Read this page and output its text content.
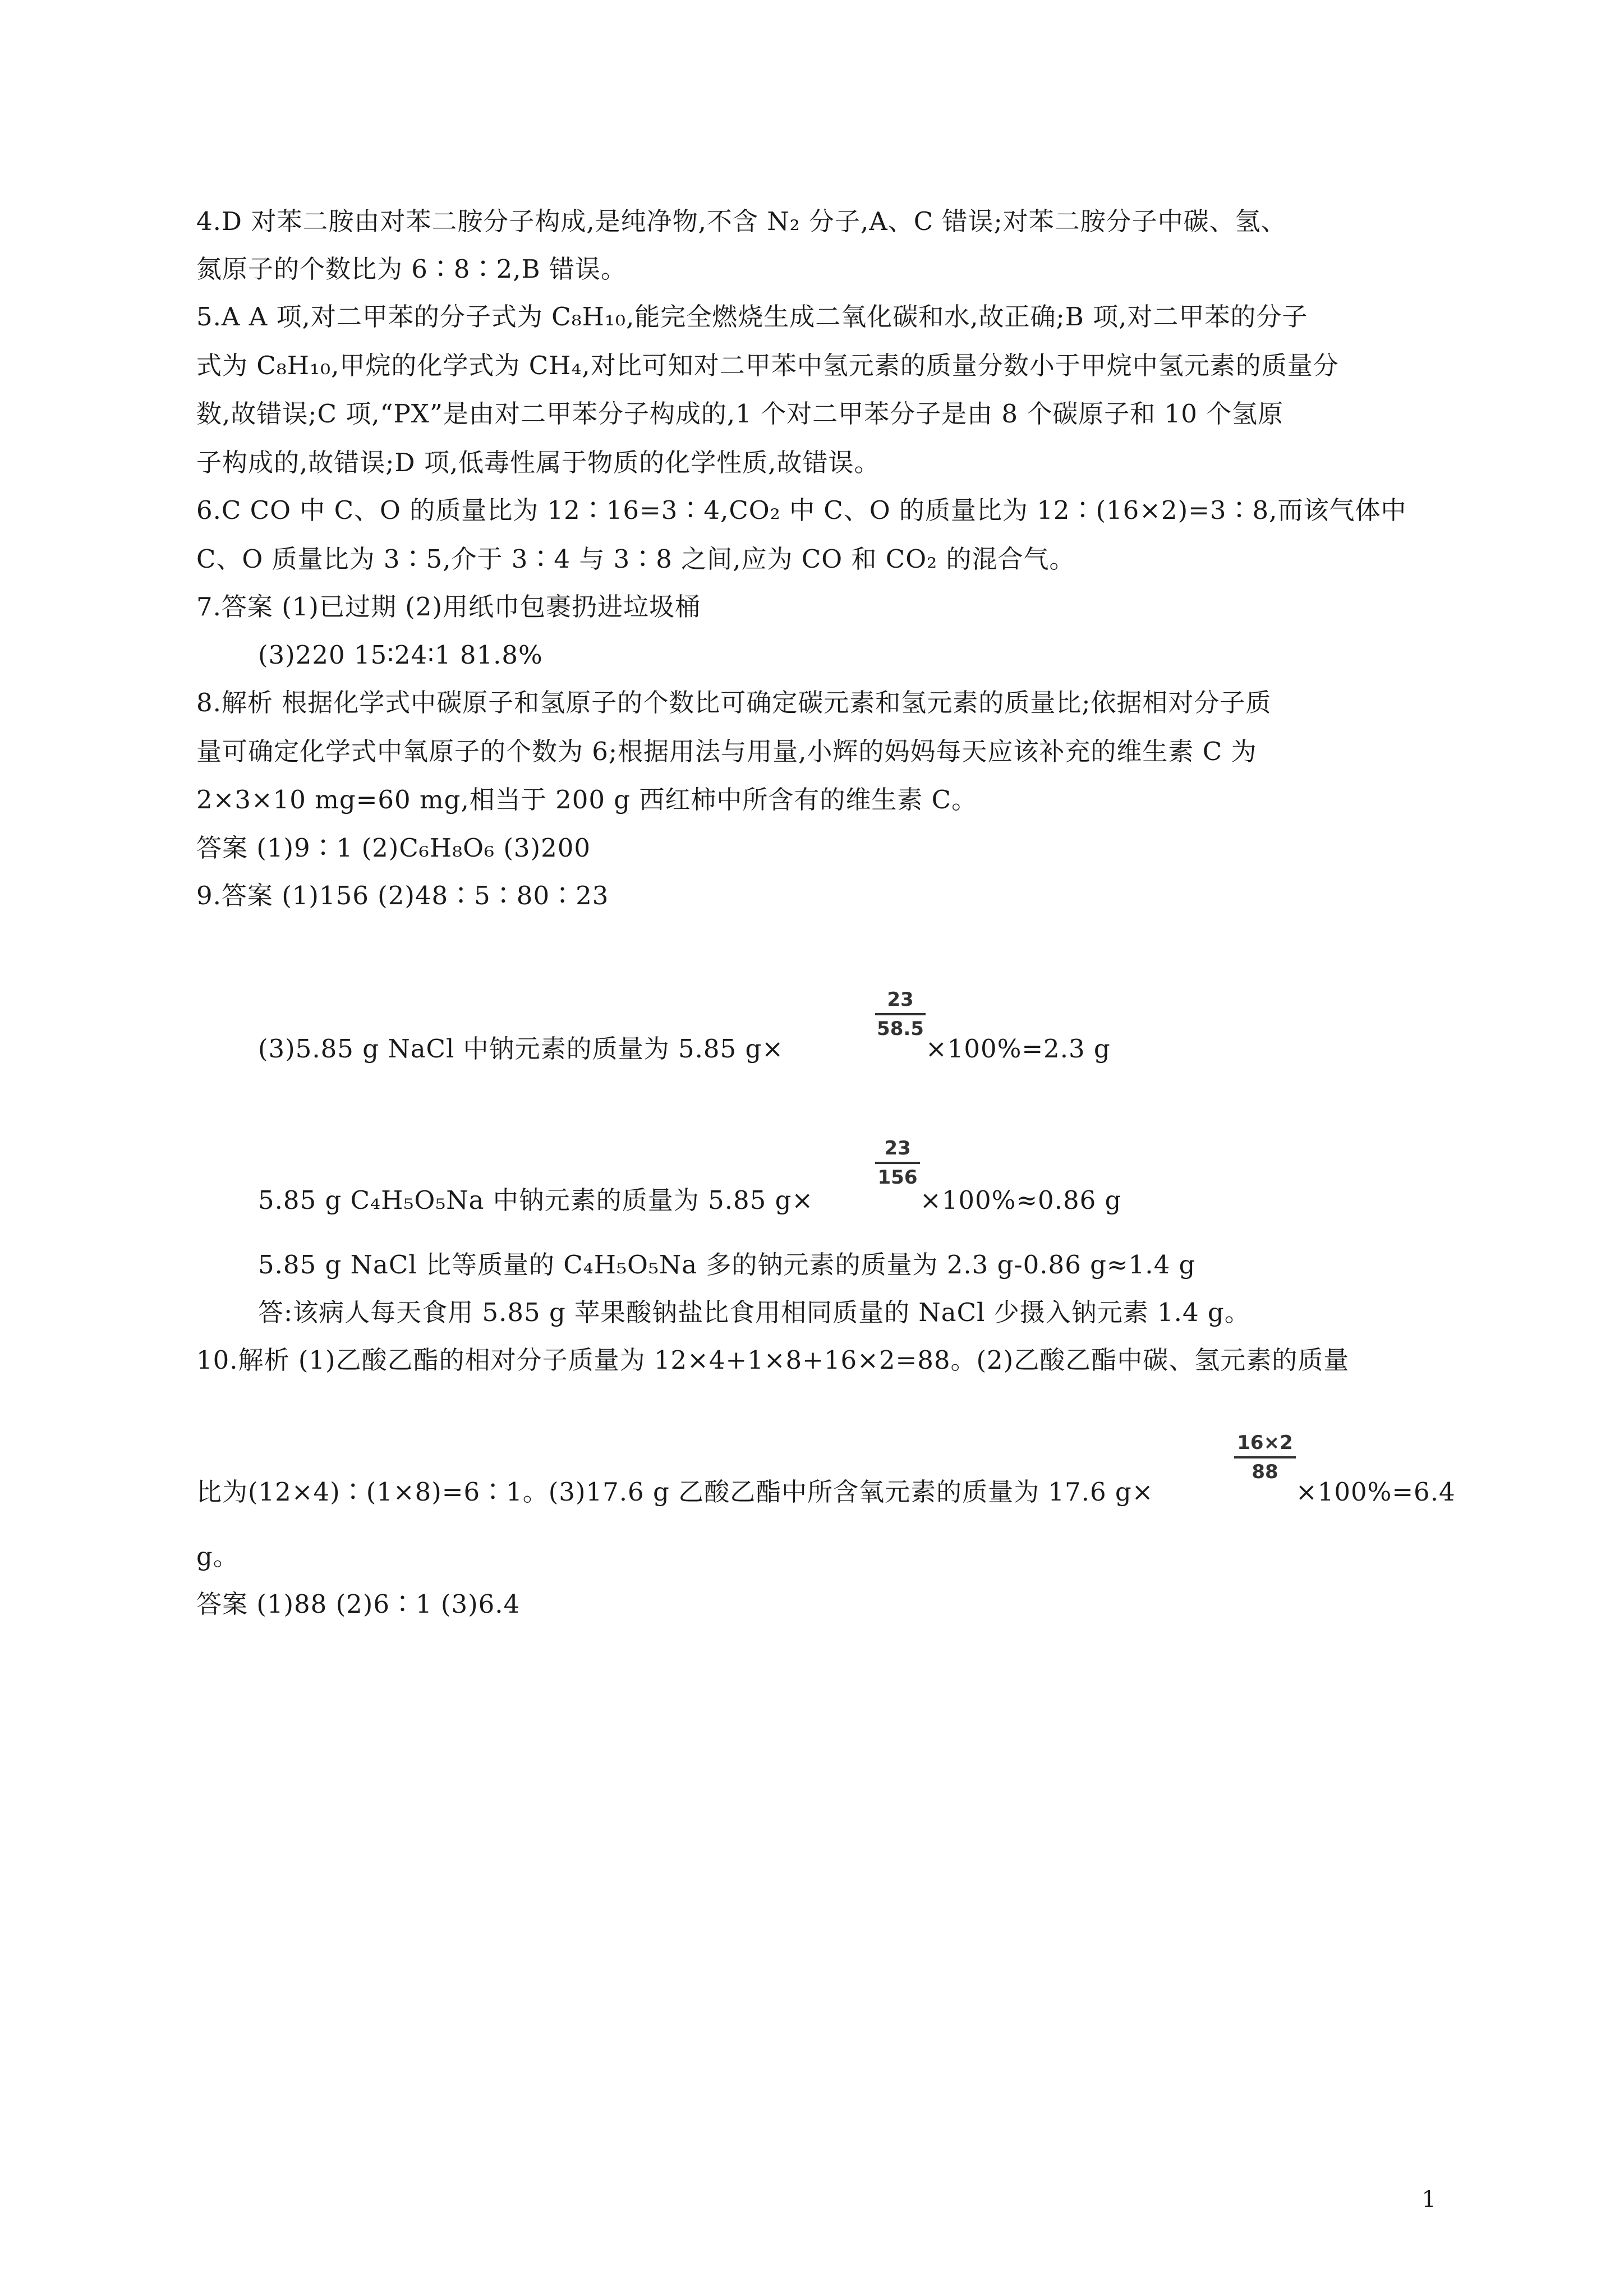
4.D 对苯二胺由对苯二胺分子构成,是纯净物,不含 N₂ 分子,A、C 错误;对苯二胺分子中碳、氢、
氮原子的个数比为 6∶8∶2,B 错误。
5.A A 项,对二甲苯的分子式为 C₈H₁₀,能完全燃烧生成二氧化碳和水,故正确;B 项,对二甲苯的分子
式为 C₈H₁₀,甲烷的化学式为 CH₄,对比可知对二甲苯中氢元素的质量分数小于甲烷中氢元素的质量分
数,故错误;C 项,“PX”是由对二甲苯分子构成的,1 个对二甲苯分子是由 8 个碳原子和 10 个氢原
子构成的,故错误;D 项,低毒性属于物质的化学性质,故错误。
6.C CO 中 C、O 的质量比为 12∶16=3∶4,CO₂ 中 C、O 的质量比为 12∶(16×2)=3∶8,而该气体中
C、O 质量比为 3∶5,介于 3∶4 与 3∶8 之间,应为 CO 和 CO₂ 的混合气。
7.答案 (1)已过期 (2)用纸巾包裹扔进垃圾桶
(3)220 15∶24∶1 81.8%
8.解析 根据化学式中碳原子和氢原子的个数比可确定碳元素和氢元素的质量比;依据相对分子质
量可确定化学式中氧原子的个数为 6;根据用法与用量,小辉的妈妈每天应该补充的维生素 C 为
2×3×10 mg=60 mg,相当于 200 g 西红柿中所含有的维生素 C。
答案 (1)9∶1 (2)C₆H₈O₆ (3)200
9.答案 (1)156 (2)48∶5∶80∶23
(3)5.85 g NaCl 中钠元素的质量为 5.85 g×
23
58.5
×100%=2.3 g
5.85 g C₄H₅O₅Na 中钠元素的质量为 5.85 g×
23
156
×100%≈0.86 g
5.85 g NaCl 比等质量的 C₄H₅O₅Na 多的钠元素的质量为 2.3 g-0.86 g≈1.4 g
答:该病人每天食用 5.85 g 苹果酸钠盐比食用相同质量的 NaCl 少摄入钠元素 1.4 g。
10.解析 (1)乙酸乙酯的相对分子质量为 12×4+1×8+16×2=88。(2)乙酸乙酯中碳、氢元素的质量
比为(12×4)∶(1×8)=6∶1。(3)17.6 g 乙酸乙酯中所含氧元素的质量为 17.6 g×
16×2
88
×100%=6.4
g。
答案 (1)88 (2)6∶1 (3)6.4
1
